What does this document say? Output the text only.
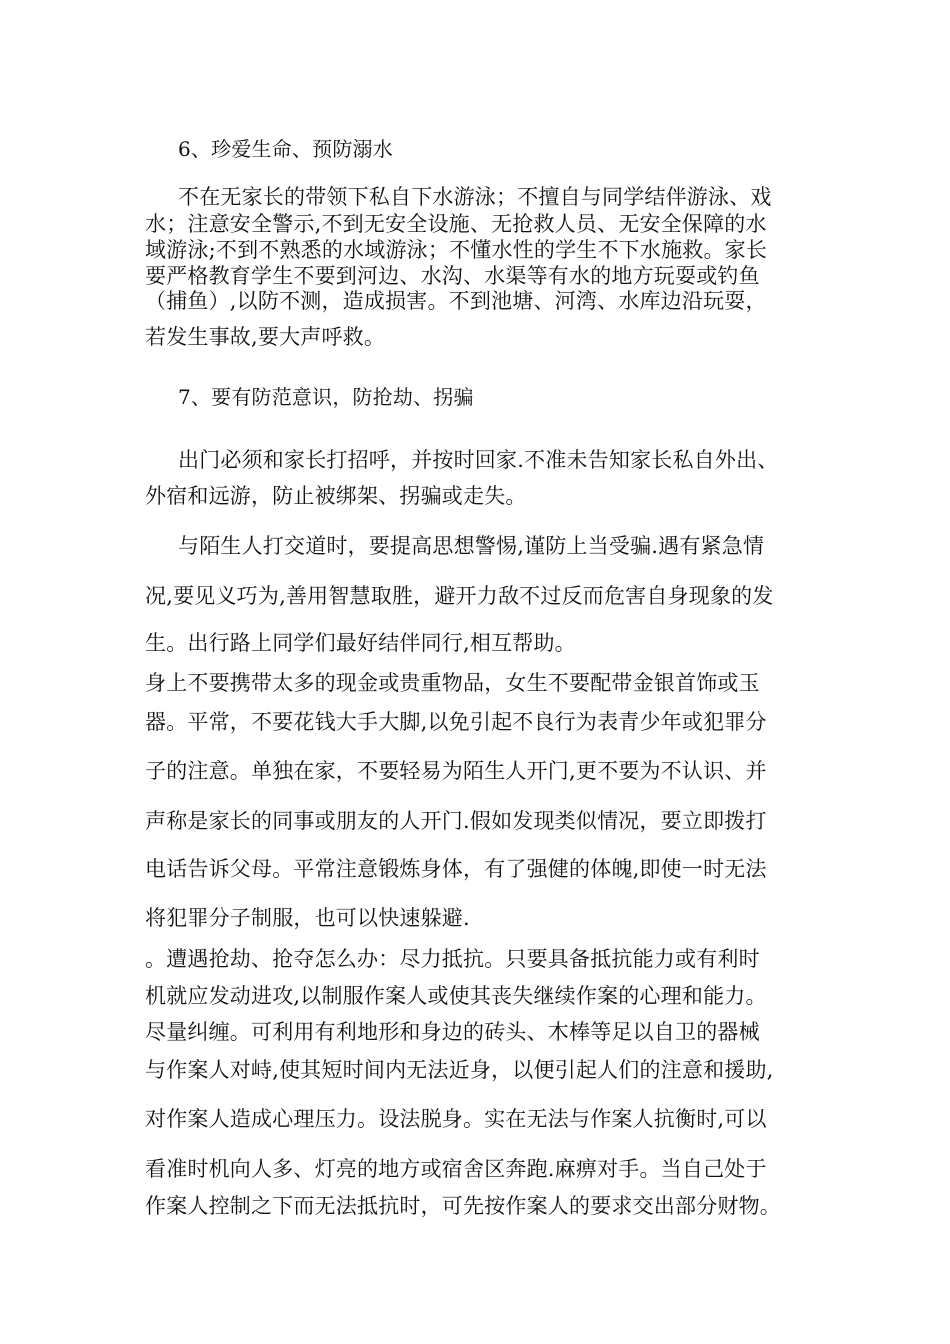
6、珍爱生命、预防溺水
不在无家长的带领下私自下水游泳；不擅自与同学结伴游泳、戏
水；注意安全警示,不到无安全设施、无抢救人员、无安全保障的水
域游泳;不到不熟悉的水域游泳；不懂水性的学生不下水施救。家长
要严格教育学生不要到河边、水沟、水渠等有水的地方玩耍或钓鱼
（捕鱼）,以防不测，造成损害。不到池塘、河湾、水库边沿玩耍，
若发生事故,要大声呼救。
7、要有防范意识，防抢劫、拐骗
出门必须和家长打招呼，并按时回家.不准未告知家长私自外出、
外宿和远游，防止被绑架、拐骗或走失。
与陌生人打交道时，要提高思想警惕,谨防上当受骗.遇有紧急情
况,要见义巧为,善用智慧取胜，避开力敌不过反而危害自身现象的发
生。出行路上同学们最好结伴同行,相互帮助。
身上不要携带太多的现金或贵重物品，女生不要配带金银首饰或玉
器。平常，不要花钱大手大脚,以免引起不良行为表青少年或犯罪分
子的注意。单独在家，不要轻易为陌生人开门,更不要为不认识、并
声称是家长的同事或朋友的人开门.假如发现类似情况，要立即拨打
电话告诉父母。平常注意锻炼身体，有了强健的体魄,即使一时无法
将犯罪分子制服，也可以快速躲避.
。遭遇抢劫、抢夺怎么办：尽力抵抗。只要具备抵抗能力或有利时
机就应发动进攻,以制服作案人或使其丧失继续作案的心理和能力。
尽量纠缠。可利用有利地形和身边的砖头、木棒等足以自卫的器械
与作案人对峙,使其短时间内无法近身，以便引起人们的注意和援助,
对作案人造成心理压力。设法脱身。实在无法与作案人抗衡时,可以
看准时机向人多、灯亮的地方或宿舍区奔跑.麻痹对手。当自己处于
作案人控制之下而无法抵抗时，可先按作案人的要求交出部分财物。
